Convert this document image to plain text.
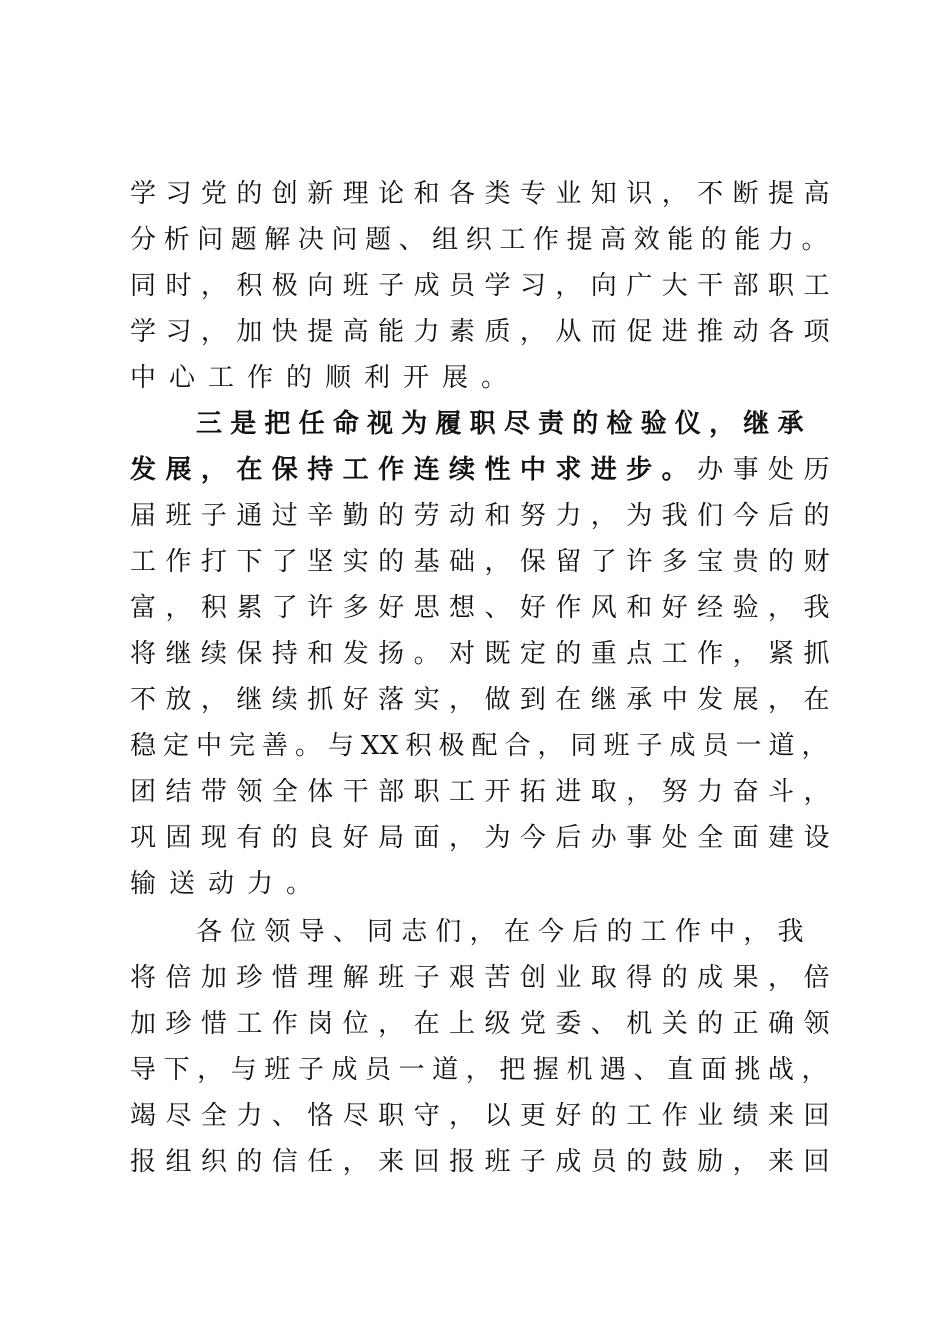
学习党的创新理论和各类专业知识，不断提高
分析问题解决问题、组织工作提高效能的能力。
同时，积极向班子成员学习，向广大干部职工
学习，加快提高能力素质，从而促进推动各项
中心工作的顺利开展。
三是把任命视为履职尽责的检验仪，继承
发展，在保持工作连续性中求进步。办事处历
届班子通过辛勤的劳动和努力，为我们今后的
工作打下了坚实的基础，保留了许多宝贵的财
富，积累了许多好思想、好作风和好经验，我
将继续保持和发扬。对既定的重点工作，紧抓
不放，继续抓好落实，做到在继承中发展，在
稳定中完善。与XX积极配合，同班子成员一道，
团结带领全体干部职工开拓进取，努力奋斗，
巩固现有的良好局面，为今后办事处全面建设
输送动力。
各位领导、同志们，在今后的工作中，我
将倍加珍惜理解班子艰苦创业取得的成果，倍
加珍惜工作岗位，在上级党委、机关的正确领
导下，与班子成员一道，把握机遇、直面挑战，
竭尽全力、恪尽职守，以更好的工作业绩来回
报组织的信任，来回报班子成员的鼓励，来回
